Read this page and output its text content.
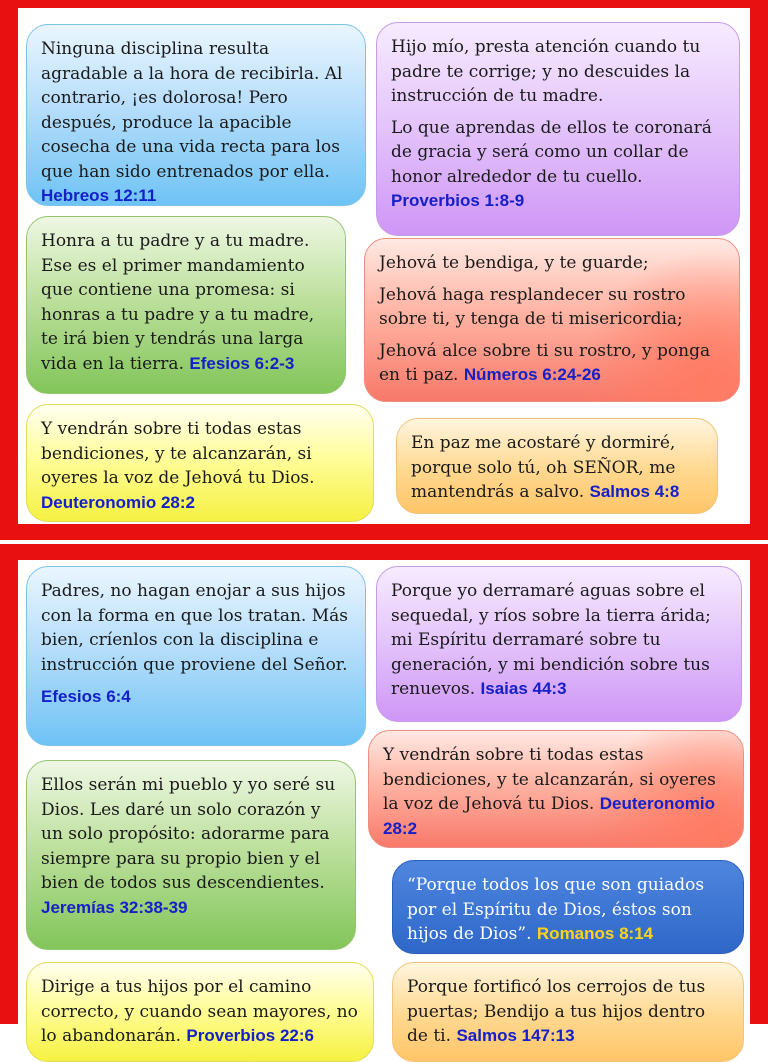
Ninguna disciplina resulta agradable a la hora de recibirla. Al contrario, ¡es dolorosa! Pero después, produce la apacible cosecha de una vida recta para los que han sido entrenados por ella. Hebreos 12:11

Hijo mío, presta atención cuando tu padre te corrige; y no descuides la instrucción de tu madre.

Lo que aprendas de ellos te coronará de gracia y será como un collar de honor alrededor de tu cuello. Proverbios 1:8-9

Honra a tu padre y a tu madre. Ese es el primer mandamiento que contiene una promesa: si honras a tu padre y a tu madre, te irá bien y tendrás una larga vida en la tierra. Efesios 6:2-3

Jehová te bendiga, y te guarde;

Jehová haga resplandecer su rostro sobre ti, y tenga de ti misericordia;

Jehová alce sobre ti su rostro, y ponga en ti paz. Números 6:24-26

Y vendrán sobre ti todas estas bendiciones, y te alcanzarán, si oyeres la voz de Jehová tu Dios. Deuteronomio 28:2

En paz me acostaré y dormiré, porque solo tú, oh SEÑOR, me mantendrás a salvo. Salmos 4:8

Padres, no hagan enojar a sus hijos con la forma en que los tratan. Más bien, críenlos con la disciplina e instrucción que proviene del Señor.

Efesios 6:4

Porque yo derramaré aguas sobre el sequedal, y ríos sobre la tierra árida; mi Espíritu derramaré sobre tu generación, y mi bendición sobre tus renuevos. Isaias 44:3

Y vendrán sobre ti todas estas bendiciones, y te alcanzarán, si oyeres la voz de Jehová tu Dios. Deuteronomio 28:2

Ellos serán mi pueblo y yo seré su Dios. Les daré un solo corazón y un solo propósito: adorarme para siempre para su propio bien y el bien de todos sus descendientes. Jeremías 32:38-39

“Porque todos los que son guiados por el Espíritu de Dios, éstos son hijos de Dios”. Romanos 8:14

Dirige a tus hijos por el camino correcto, y cuando sean mayores, no lo abandonarán. Proverbios 22:6

Porque fortificó los cerrojos de tus puertas; Bendijo a tus hijos dentro de ti. Salmos 147:13
